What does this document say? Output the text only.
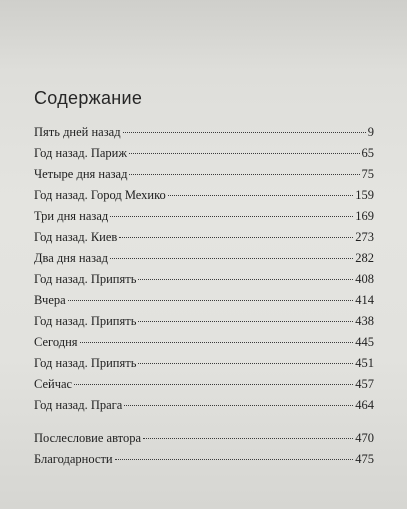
Содержание
Пять дней назад	9
Год назад. Париж	65
Четыре дня назад	75
Год назад. Город Мехико	159
Три дня назад	169
Год назад. Киев	273
Два дня назад	282
Год назад. Припять	408
Вчера	414
Год назад. Припять	438
Сегодня	445
Год назад. Припять	451
Сейчас	457
Год назад. Прага	464
Послесловие автора	470
Благодарности	475
